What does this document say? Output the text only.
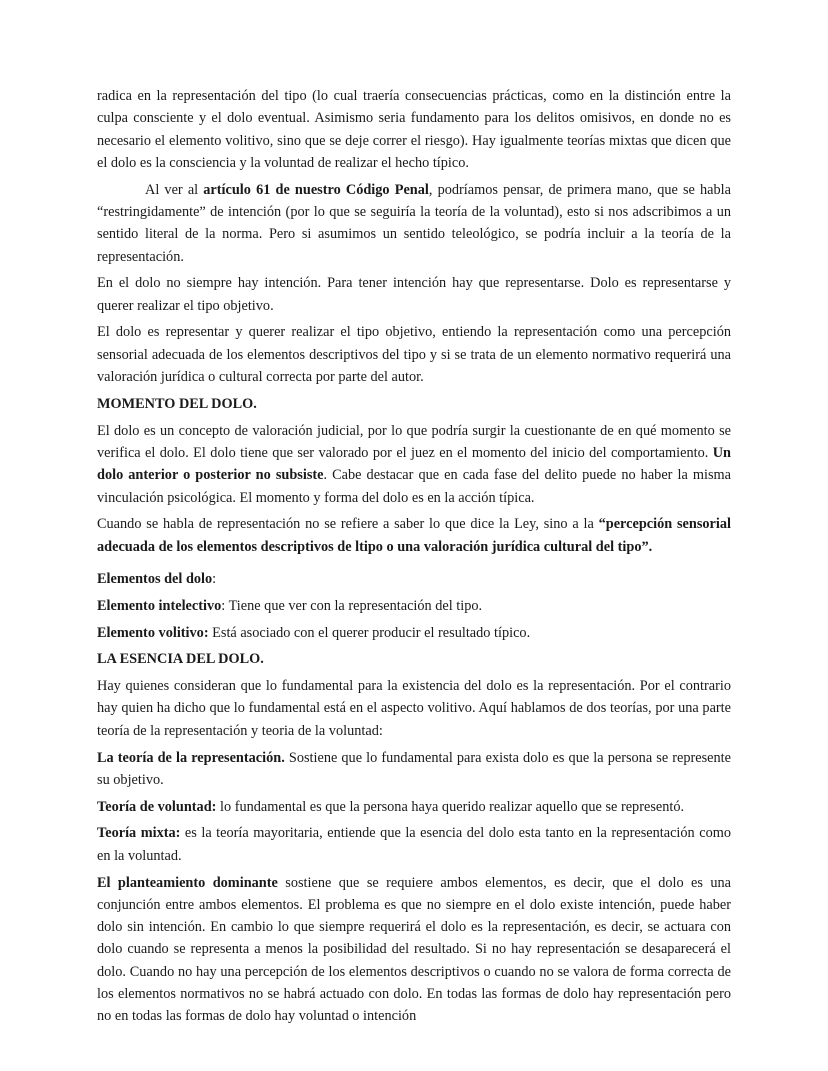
radica en la representación del tipo (lo cual traería consecuencias prácticas, como en la distinción entre la culpa consciente y el dolo eventual. Asimismo seria fundamento para los delitos omisivos, en donde no es necesario el elemento volitivo, sino que se deje correr el riesgo). Hay igualmente teorías mixtas que dicen que el dolo es la consciencia y la voluntad de realizar el hecho típico.

Al ver al artículo 61 de nuestro Código Penal, podríamos pensar, de primera mano, que se habla “restringidamente” de intención (por lo que se seguiría la teoría de la voluntad), esto si nos adscribimos a un sentido literal de la norma. Pero si asumimos un sentido teleológico, se podría incluir a la teoría de la representación.

En el dolo no siempre hay intención. Para tener intención hay que representarse. Dolo es representarse y querer realizar el tipo objetivo.

El dolo es representar y querer realizar el tipo objetivo, entiendo la representación como una percepción sensorial adecuada de los elementos descriptivos del tipo y si se trata de un elemento normativo requerirá una valoración jurídica o cultural correcta por parte del autor.

MOMENTO DEL DOLO.

El dolo es un concepto de valoración judicial, por lo que podría surgir la cuestionante de en qué momento se verifica el dolo. El dolo tiene que ser valorado por el juez en el momento del inicio del comportamiento. Un dolo anterior o posterior no subsiste. Cabe destacar que en cada fase del delito puede no haber la misma vinculación psicológica. El momento y forma del dolo es en la acción típica.

Cuando se habla de representación no se refiere a saber lo que dice la Ley, sino a la “percepción sensorial adecuada de los elementos descriptivos de ltipo o una valoración jurídica cultural del tipo”.

Elementos del dolo:

Elemento intelectivo: Tiene que ver con la representación del tipo.

Elemento volitivo: Está asociado con el querer producir el resultado típico.

LA ESENCIA DEL DOLO.

Hay quienes consideran que lo fundamental para la existencia del dolo es la representación. Por el contrario hay quien ha dicho que lo fundamental está en el aspecto volitivo. Aquí hablamos de dos teorías, por una parte teoría de la representación y teoria de la voluntad:

La teoría de la representación. Sostiene que lo fundamental para exista dolo es que la persona se represente su objetivo.

Teoría de voluntad: lo fundamental es que la persona haya querido realizar aquello que se representó.

Teoría mixta: es la teoría mayoritaria, entiende que la esencia del dolo esta tanto en la representación como en la voluntad.

El planteamiento dominante sostiene que se requiere ambos elementos, es decir, que el dolo es una conjunción entre ambos elementos. El problema es que no siempre en el dolo existe intención, puede haber dolo sin intención. En cambio lo que siempre requerirá el dolo es la representación, es decir, se actuara con dolo cuando se representa a menos la posibilidad del resultado. Si no hay representación se desaparecerá el dolo. Cuando no hay una percepción de los elementos descriptivos o cuando no se valora de forma correcta de los elementos normativos no se habrá actuado con dolo. En todas las formas de dolo hay representación pero no en todas las formas de dolo hay voluntad o intención
